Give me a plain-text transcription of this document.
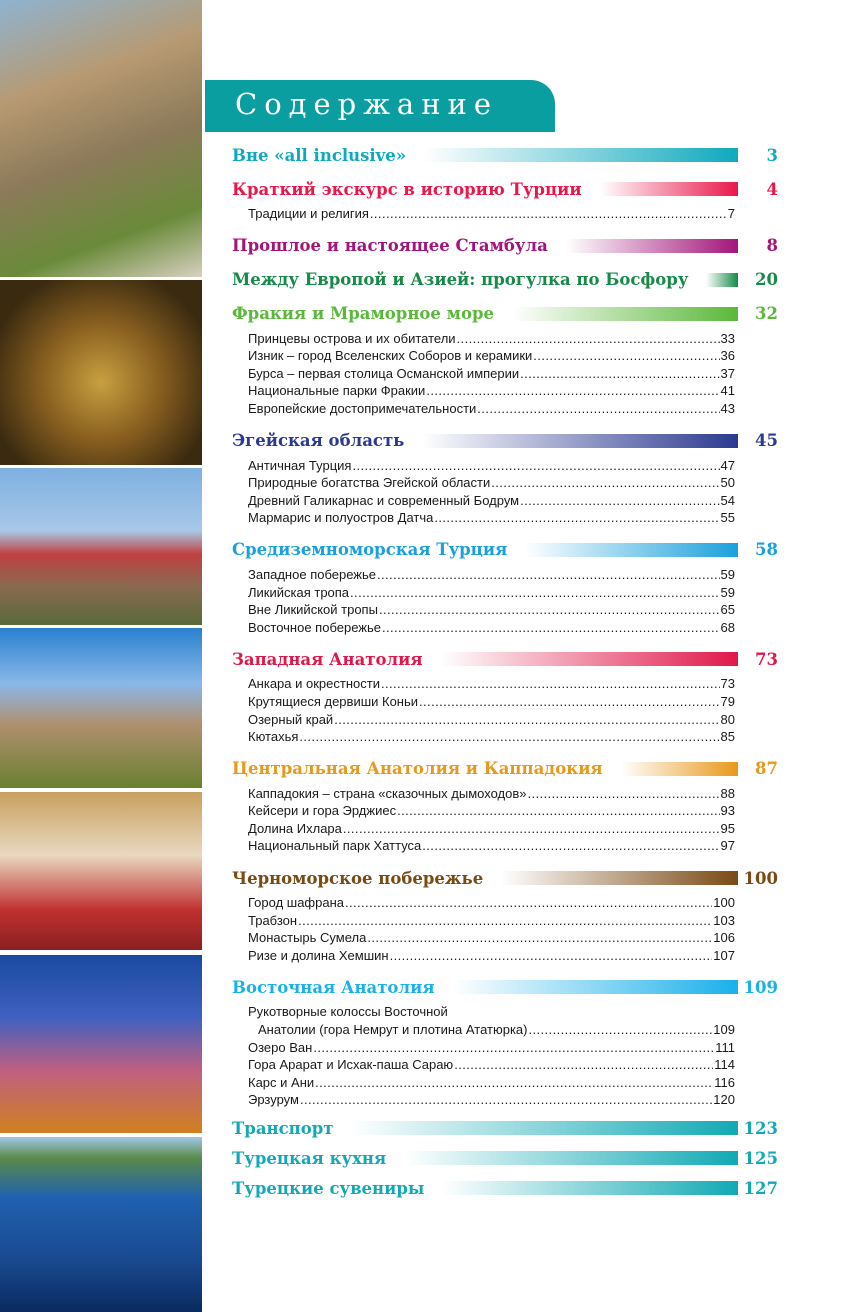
Содержание
Вне «all inclusive»	3
Краткий экскурс в историю Турции	4
Традиции и религия .....	7
Прошлое и настоящее Стамбула	8
Между Европой и Азией: прогулка по Босфору	20
Фракия и Мраморное море	32
Принцевы острова и их обитатели .....	33
Изник – город Вселенских Соборов и керамики .....	36
Бурса – первая столица Османской империи .....	37
Национальные парки Фракии .....	41
Европейские достопримечательности .....	43
Эгейская область	45
Античная Турция .....	47
Природные богатства Эгейской области .....	50
Древний Галикарнас и современный Бодрум .....	54
Мармарис и полуостров Датча .....	55
Средиземноморская Турция	58
Западное побережье .....	59
Ликийская тропа .....	59
Вне Ликийской тропы .....	65
Восточное побережье .....	68
Западная Анатолия	73
Анкара и окрестности .....	73
Крутящиеся дервиши Коньи .....	79
Озерный край .....	80
Кютахья .....	85
Центральная Анатолия и Каппадокия	87
Каппадокия – страна «сказочных дымоходов» .....	88
Кейсери и гора Эрджиес .....	93
Долина Ихлара .....	95
Национальный парк Хаттуса .....	97
Черноморское побережье	100
Город шафрана .....	100
Трабзон .....	103
Монастырь Сумела .....	106
Ризе и долина Хемшин .....	107
Восточная Анатолия	109
Рукотворные колоссы Восточной
Анатолии (гора Немрут и плотина Ататюрка) .....	109
Озеро Ван .....	111
Гора Арарат и Исхак-паша Сараю .....	114
Карс и Ани .....	116
Эрзурум .....	120
Транспорт	123
Турецкая кухня	125
Турецкие сувениры	127
